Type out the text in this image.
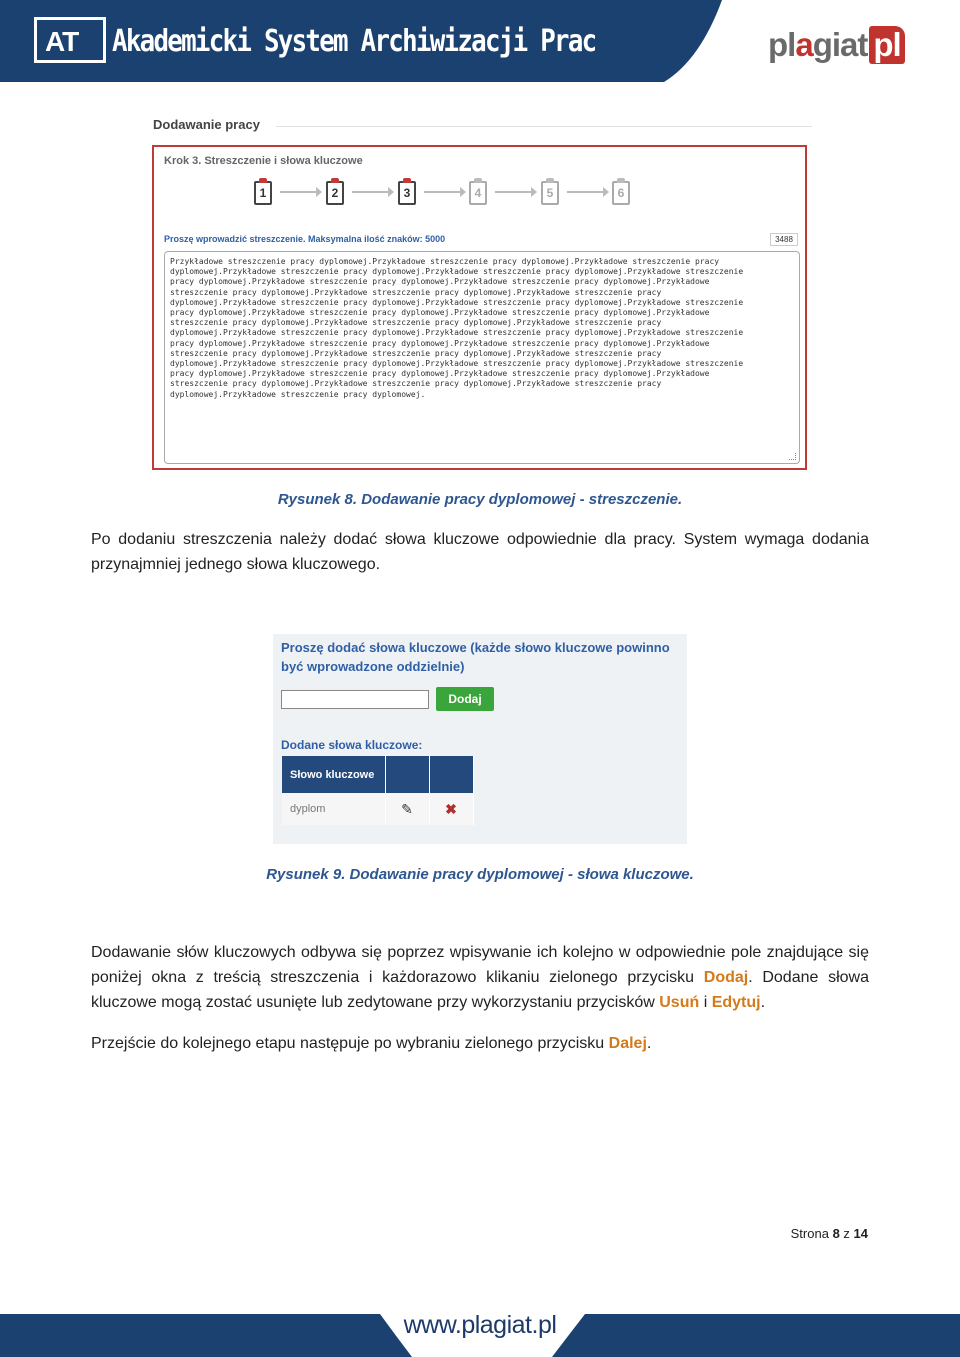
AT Akademicki System Archiwizacji Prac	plagiat pl
Dodawanie pracy
Krok 3. Streszczenie i słowa kluczowe
1	2	3	4	5	6
Proszę wprowadzić streszczenie. Maksymalna ilość znaków: 5000	3488
Przykładowe streszczenie pracy dyplomowej.Przykładowe streszczenie pracy dyplomowej.Przykładowe streszczenie pracy
dyplomowej.Przykładowe streszczenie pracy dyplomowej.Przykładowe streszczenie pracy dyplomowej.Przykładowe streszczenie
pracy dyplomowej.Przykładowe streszczenie pracy dyplomowej.Przykładowe streszczenie pracy dyplomowej.Przykładowe
streszczenie pracy dyplomowej.Przykładowe streszczenie pracy dyplomowej.Przykładowe streszczenie pracy
dyplomowej.Przykładowe streszczenie pracy dyplomowej.Przykładowe streszczenie pracy dyplomowej.Przykładowe streszczenie
pracy dyplomowej.Przykładowe streszczenie pracy dyplomowej.Przykładowe streszczenie pracy dyplomowej.Przykładowe
streszczenie pracy dyplomowej.Przykładowe streszczenie pracy dyplomowej.Przykładowe streszczenie pracy
dyplomowej.Przykładowe streszczenie pracy dyplomowej.Przykładowe streszczenie pracy dyplomowej.Przykładowe streszczenie
pracy dyplomowej.Przykładowe streszczenie pracy dyplomowej.Przykładowe streszczenie pracy dyplomowej.Przykładowe
streszczenie pracy dyplomowej.Przykładowe streszczenie pracy dyplomowej.Przykładowe streszczenie pracy
dyplomowej.Przykładowe streszczenie pracy dyplomowej.Przykładowe streszczenie pracy dyplomowej.Przykładowe streszczenie
pracy dyplomowej.Przykładowe streszczenie pracy dyplomowej.Przykładowe streszczenie pracy dyplomowej.Przykładowe
streszczenie pracy dyplomowej.Przykładowe streszczenie pracy dyplomowej.Przykładowe streszczenie pracy
dyplomowej.Przykładowe streszczenie pracy dyplomowej.
Rysunek 8. Dodawanie pracy dyplomowej - streszczenie.
Po dodaniu streszczenia należy dodać słowa kluczowe odpowiednie dla pracy. System wymaga dodania przynajmniej jednego słowa kluczowego.
Proszę dodać słowa kluczowe (każde słowo kluczowe powinno być wprowadzone oddzielnie)
Dodaj
Dodane słowa kluczowe:
Słowo kluczowe		
dyplom	✎	✖
Rysunek 9. Dodawanie pracy dyplomowej - słowa kluczowe.
Dodawanie słów kluczowych odbywa się poprzez wpisywanie ich kolejno w odpowiednie pole znajdujące się poniżej okna z treścią streszczenia i każdorazowo klikaniu zielonego przycisku Dodaj. Dodane słowa kluczowe mogą zostać usunięte lub zedytowane przy wykorzystaniu przycisków Usuń i Edytuj.
Przejście do kolejnego etapu następuje po wybraniu zielonego przycisku Dalej.
Strona 8 z 14
www.plagiat.pl
